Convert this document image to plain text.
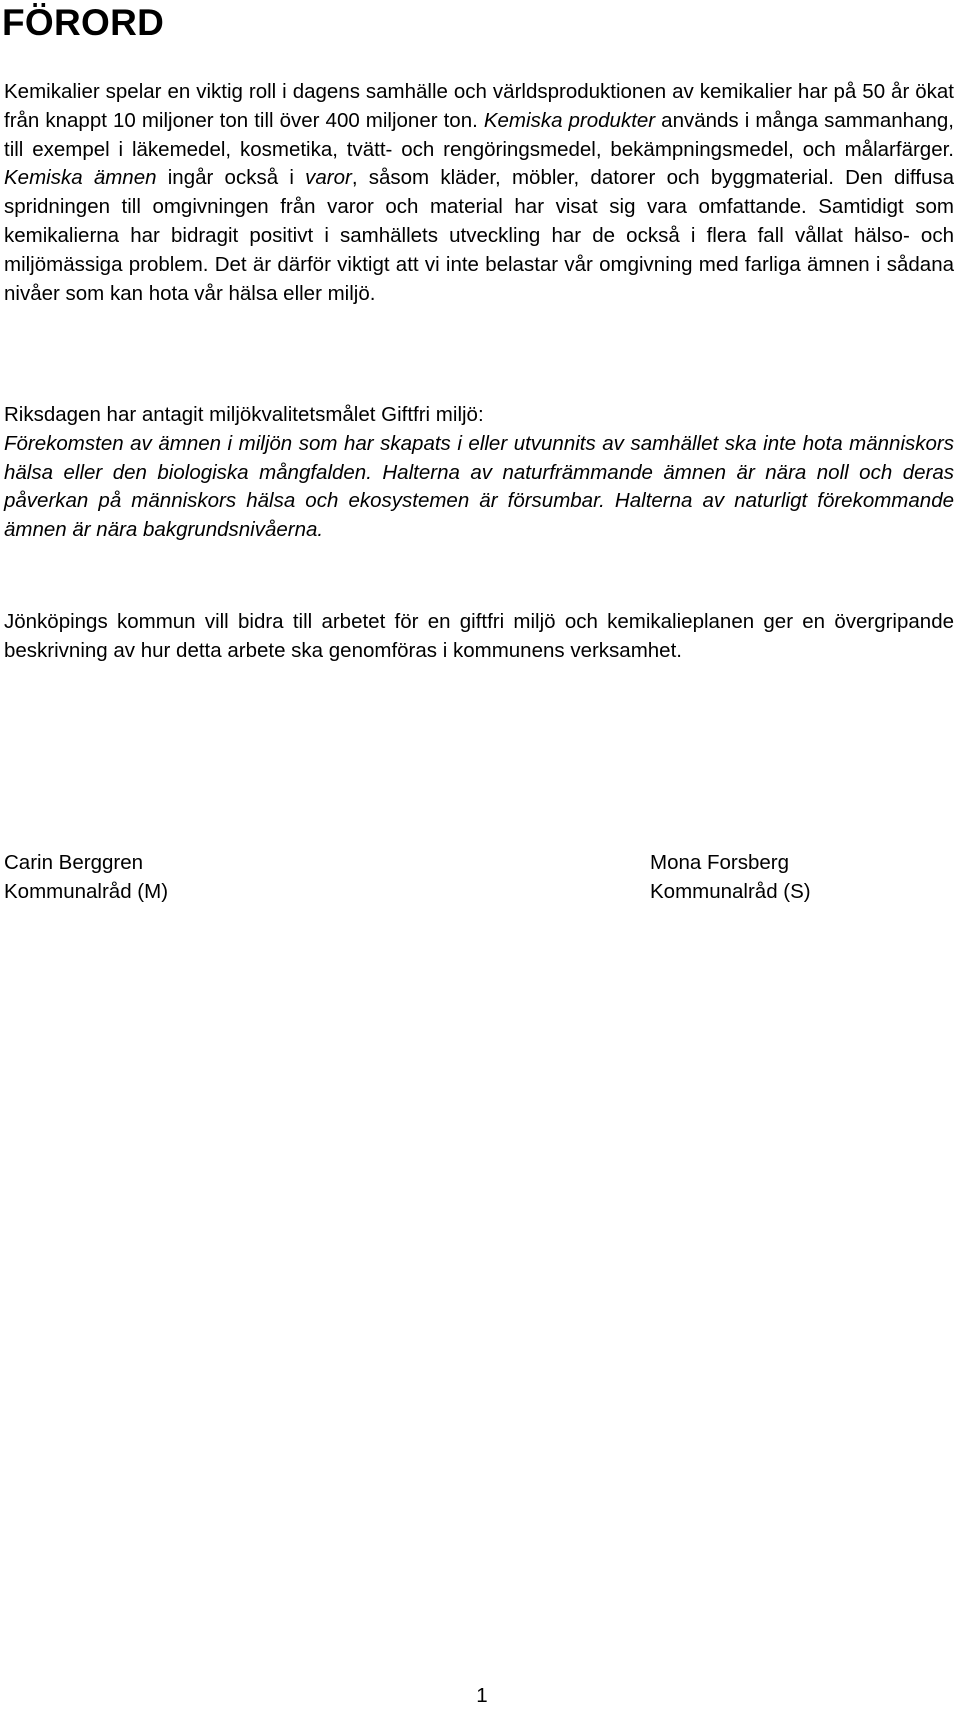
FÖRORD

Kemikalier spelar en viktig roll i dagens samhälle och världsproduktionen av kemikalier har på 50 år ökat från knappt 10 miljoner ton till över 400 miljoner ton. Kemiska produkter används i många sammanhang, till exempel i läkemedel, kosmetika, tvätt- och rengöringsmedel, bekämpningsmedel, och målarfärger. Kemiska ämnen ingår också i varor, såsom kläder, möbler, datorer och byggmaterial. Den diffusa spridningen till omgivningen från varor och material har visat sig vara omfattande. Samtidigt som kemikalierna har bidragit positivt i samhällets utveckling har de också i flera fall vållat hälso- och miljömässiga problem. Det är därför viktigt att vi inte belastar vår omgivning med farliga ämnen i sådana nivåer som kan hota vår hälsa eller miljö.

Riksdagen har antagit miljökvalitetsmålet Giftfri miljö:
Förekomsten av ämnen i miljön som har skapats i eller utvunnits av samhället ska inte hota människors hälsa eller den biologiska mångfalden. Halterna av naturfrämmande ämnen är nära noll och deras påverkan på människors hälsa och ekosystemen är försumbar. Halterna av naturligt förekommande ämnen är nära bakgrundsnivåerna.

Jönköpings kommun vill bidra till arbetet för en giftfri miljö och kemikalieplanen ger en övergripande beskrivning av hur detta arbete ska genomföras i kommunens verksamhet.

Carin Berggren
Kommunalråd (M)
Mona Forsberg
Kommunalråd (S)
1
